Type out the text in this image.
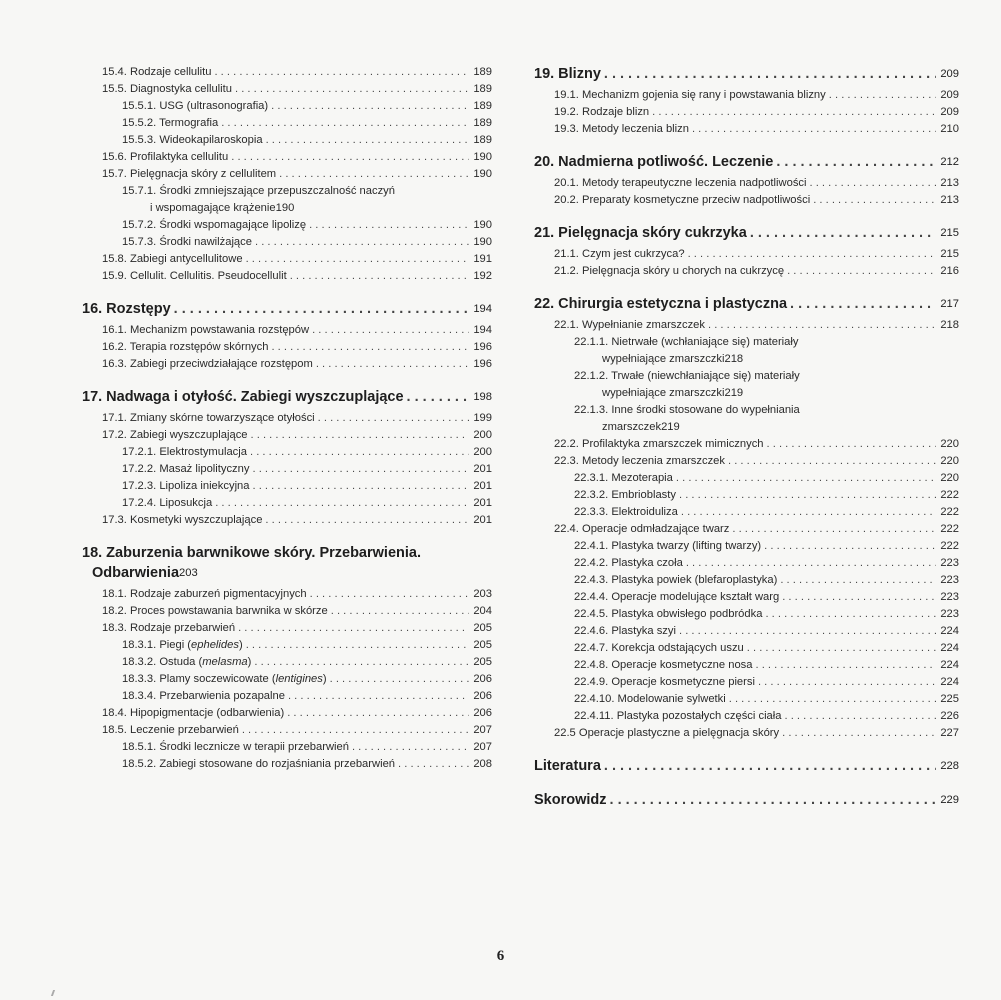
15.4. Rodzaje cellulitu . . .	189
15.5. Diagnostyka cellulitu . . .	189
15.5.1. USG (ultrasonografia) . . .	189
15.5.2. Termografia . . .	189
15.5.3. Wideokapilaroskopia . . .	189
15.6. Profilaktyka cellulitu . . .	190
15.7. Pielęgnacja skóry z cellulitem . . .	190
15.7.1. Środki zmniejszające przepuszczalność naczyń
i wspomagające krążenie 190
15.7.2. Środki wspomagające lipolizę . . .	190
15.7.3. Środki nawilżające . . .	190
15.8. Zabiegi antycellulitowe . . .	191
15.9. Cellulit. Cellulitis. Pseudocellulit . . .	192
16. Rozstępy . . .	194
16.1. Mechanizm powstawania rozstępów . . .	194
16.2. Terapia rozstępów skórnych . . .	196
16.3. Zabiegi przeciwdziałające rozstępom . . .	196
17. Nadwaga i otyłość. Zabiegi wyszczuplające . . .	198
17.1. Zmiany skórne towarzyszące otyłości . . .	199
17.2. Zabiegi wyszczuplające . . .	200
17.2.1. Elektrostymulacja . . .	200
17.2.2. Masaż lipolityczny . . .	201
17.2.3. Lipoliza iniekcyjna . . .	201
17.2.4. Liposukcja . . .	201
17.3. Kosmetyki wyszczuplające . . .	201
18. Zaburzenia barwnikowe skóry. Przebarwienia.
Odbarwienia 203
18.1. Rodzaje zaburzeń pigmentacyjnych . . .	203
18.2. Proces powstawania barwnika w skórze . . .	204
18.3. Rodzaje przebarwień . . .	205
18.3.1. Piegi (ephelides) . . .	205
18.3.2. Ostuda (melasma) . . .	205
18.3.3. Plamy soczewicowate (lentigines) . . .	206
18.3.4. Przebarwienia pozapalne . . .	206
18.4. Hipopigmentacje (odbarwienia) . . .	206
18.5. Leczenie przebarwień . . .	207
18.5.1. Środki lecznicze w terapii przebarwień . . .	207
18.5.2. Zabiegi stosowane do rozjaśniania przebarwień . . .	208
19. Blizny . . .	209
19.1. Mechanizm gojenia się rany i powstawania blizny . . .	209
19.2. Rodzaje blizn . . .	209
19.3. Metody leczenia blizn . . .	210
20. Nadmierna potliwość. Leczenie . . .	212
20.1. Metody terapeutyczne leczenia nadpotliwości . . .	213
20.2. Preparaty kosmetyczne przeciw nadpotliwości . . .	213
21. Pielęgnacja skóry cukrzyka . . .	215
21.1. Czym jest cukrzyca? . . .	215
21.2. Pielęgnacja skóry u chorych na cukrzycę . . .	216
22. Chirurgia estetyczna i plastyczna . . .	217
22.1. Wypełnianie zmarszczek . . .	218
22.1.1. Nietrwałe (wchłaniające się) materiały
wypełniające zmarszczki 218
22.1.2. Trwałe (niewchłaniające się) materiały
wypełniające zmarszczki 219
22.1.3. Inne środki stosowane do wypełniania
zmarszczek 219
22.2. Profilaktyka zmarszczek mimicznych . . .	220
22.3. Metody leczenia zmarszczek . . .	220
22.3.1. Mezoterapia . . .	220
22.3.2. Embrioblasty . . .	222
22.3.3. Elektroiduliza . . .	222
22.4. Operacje odmładzające twarz . . .	222
22.4.1. Plastyka twarzy (lifting twarzy) . . .	222
22.4.2. Plastyka czoła . . .	223
22.4.3. Plastyka powiek (blefaroplastyka) . . .	223
22.4.4. Operacje modelujące kształt warg . . .	223
22.4.5. Plastyka obwisłego podbródka . . .	223
22.4.6. Plastyka szyi . . .	224
22.4.7. Korekcja odstających uszu . . .	224
22.4.8. Operacje kosmetyczne nosa . . .	224
22.4.9. Operacje kosmetyczne piersi . . .	224
22.4.10. Modelowanie sylwetki . . .	225
22.4.11. Plastyka pozostałych części ciała . . .	226
22.5 Operacje plastyczne a pielęgnacja skóry . . .	227
Literatura . . .	228
Skorowidz . . .	229
6
